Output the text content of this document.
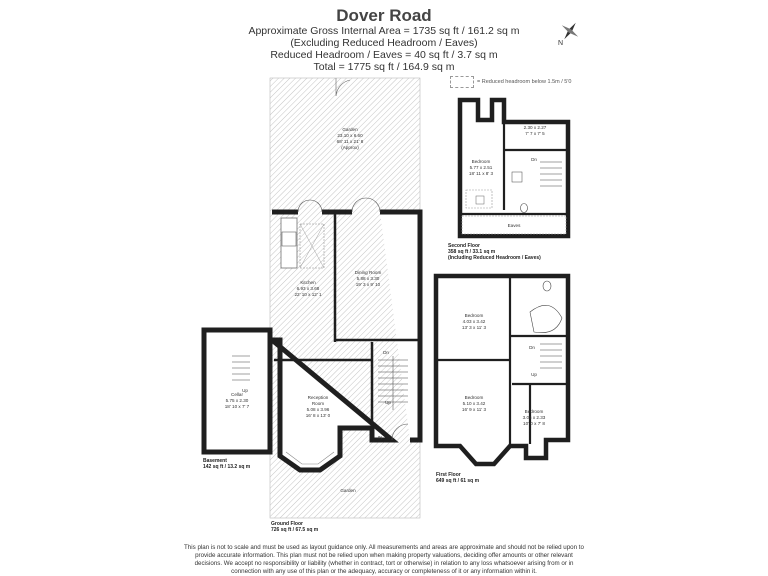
Dover Road
Approximate Gross Internal Area = 1735 sq ft / 161.2 sq m
(Excluding Reduced Headroom / Eaves)
Reduced Headroom / Eaves = 40 sq ft / 3.7 sq m
Total = 1775 sq ft / 164.9 sq m
= Reduced headroom below 1.5m / 5'0
N
Garden
23.10 x 6.60
68' 11 x 21' 8
(Approx)
Dining Room
5.88 x 3.30
19' 3 x 9' 10
Kitchen
6.93 x 3.68
22' 10 x 12' 1
Reception
Room
5.08 x 3.96
16' 8 x 13' 0
Cellar
5.75 x 2.30
18' 10 x 7' 7
Garden
Bedroom
5.77 x 2.51
18' 11 x 8' 3
2.30 x 2.27
7' 7 x 7' 5
Eaves
Bedroom
4.03 x 3.42
13' 3 x 11' 3
Bedroom
5.10 x 3.42
16' 9 x 11' 3	Bedroom
3.05 x 2.33
10' 0 x 7' 8
Dn
Up
IN
Up
Dn
Dn
Up
Ground Floor
726 sq ft / 67.5 sq m
Basement
142 sq ft / 13.2 sq m
First Floor
649 sq ft / 61 sq m
Second Floor
358 sq ft / 33.1 sq m
(Including Reduced Headroom / Eaves)
This plan is not to scale and must be used as layout guidance only. All measurements and areas are approximate and should not be relied upon to
provide accurate information. This plan must not be relied upon when making property valuations, deciding offer amounts or other relevant
decisions. We accept no responsibility or liability (whether in contract, tort or otherwise) in relation to any loss whatsoever arising from or in
connection with any use of this plan or the adequacy, accuracy or completeness of it or any information within it.
